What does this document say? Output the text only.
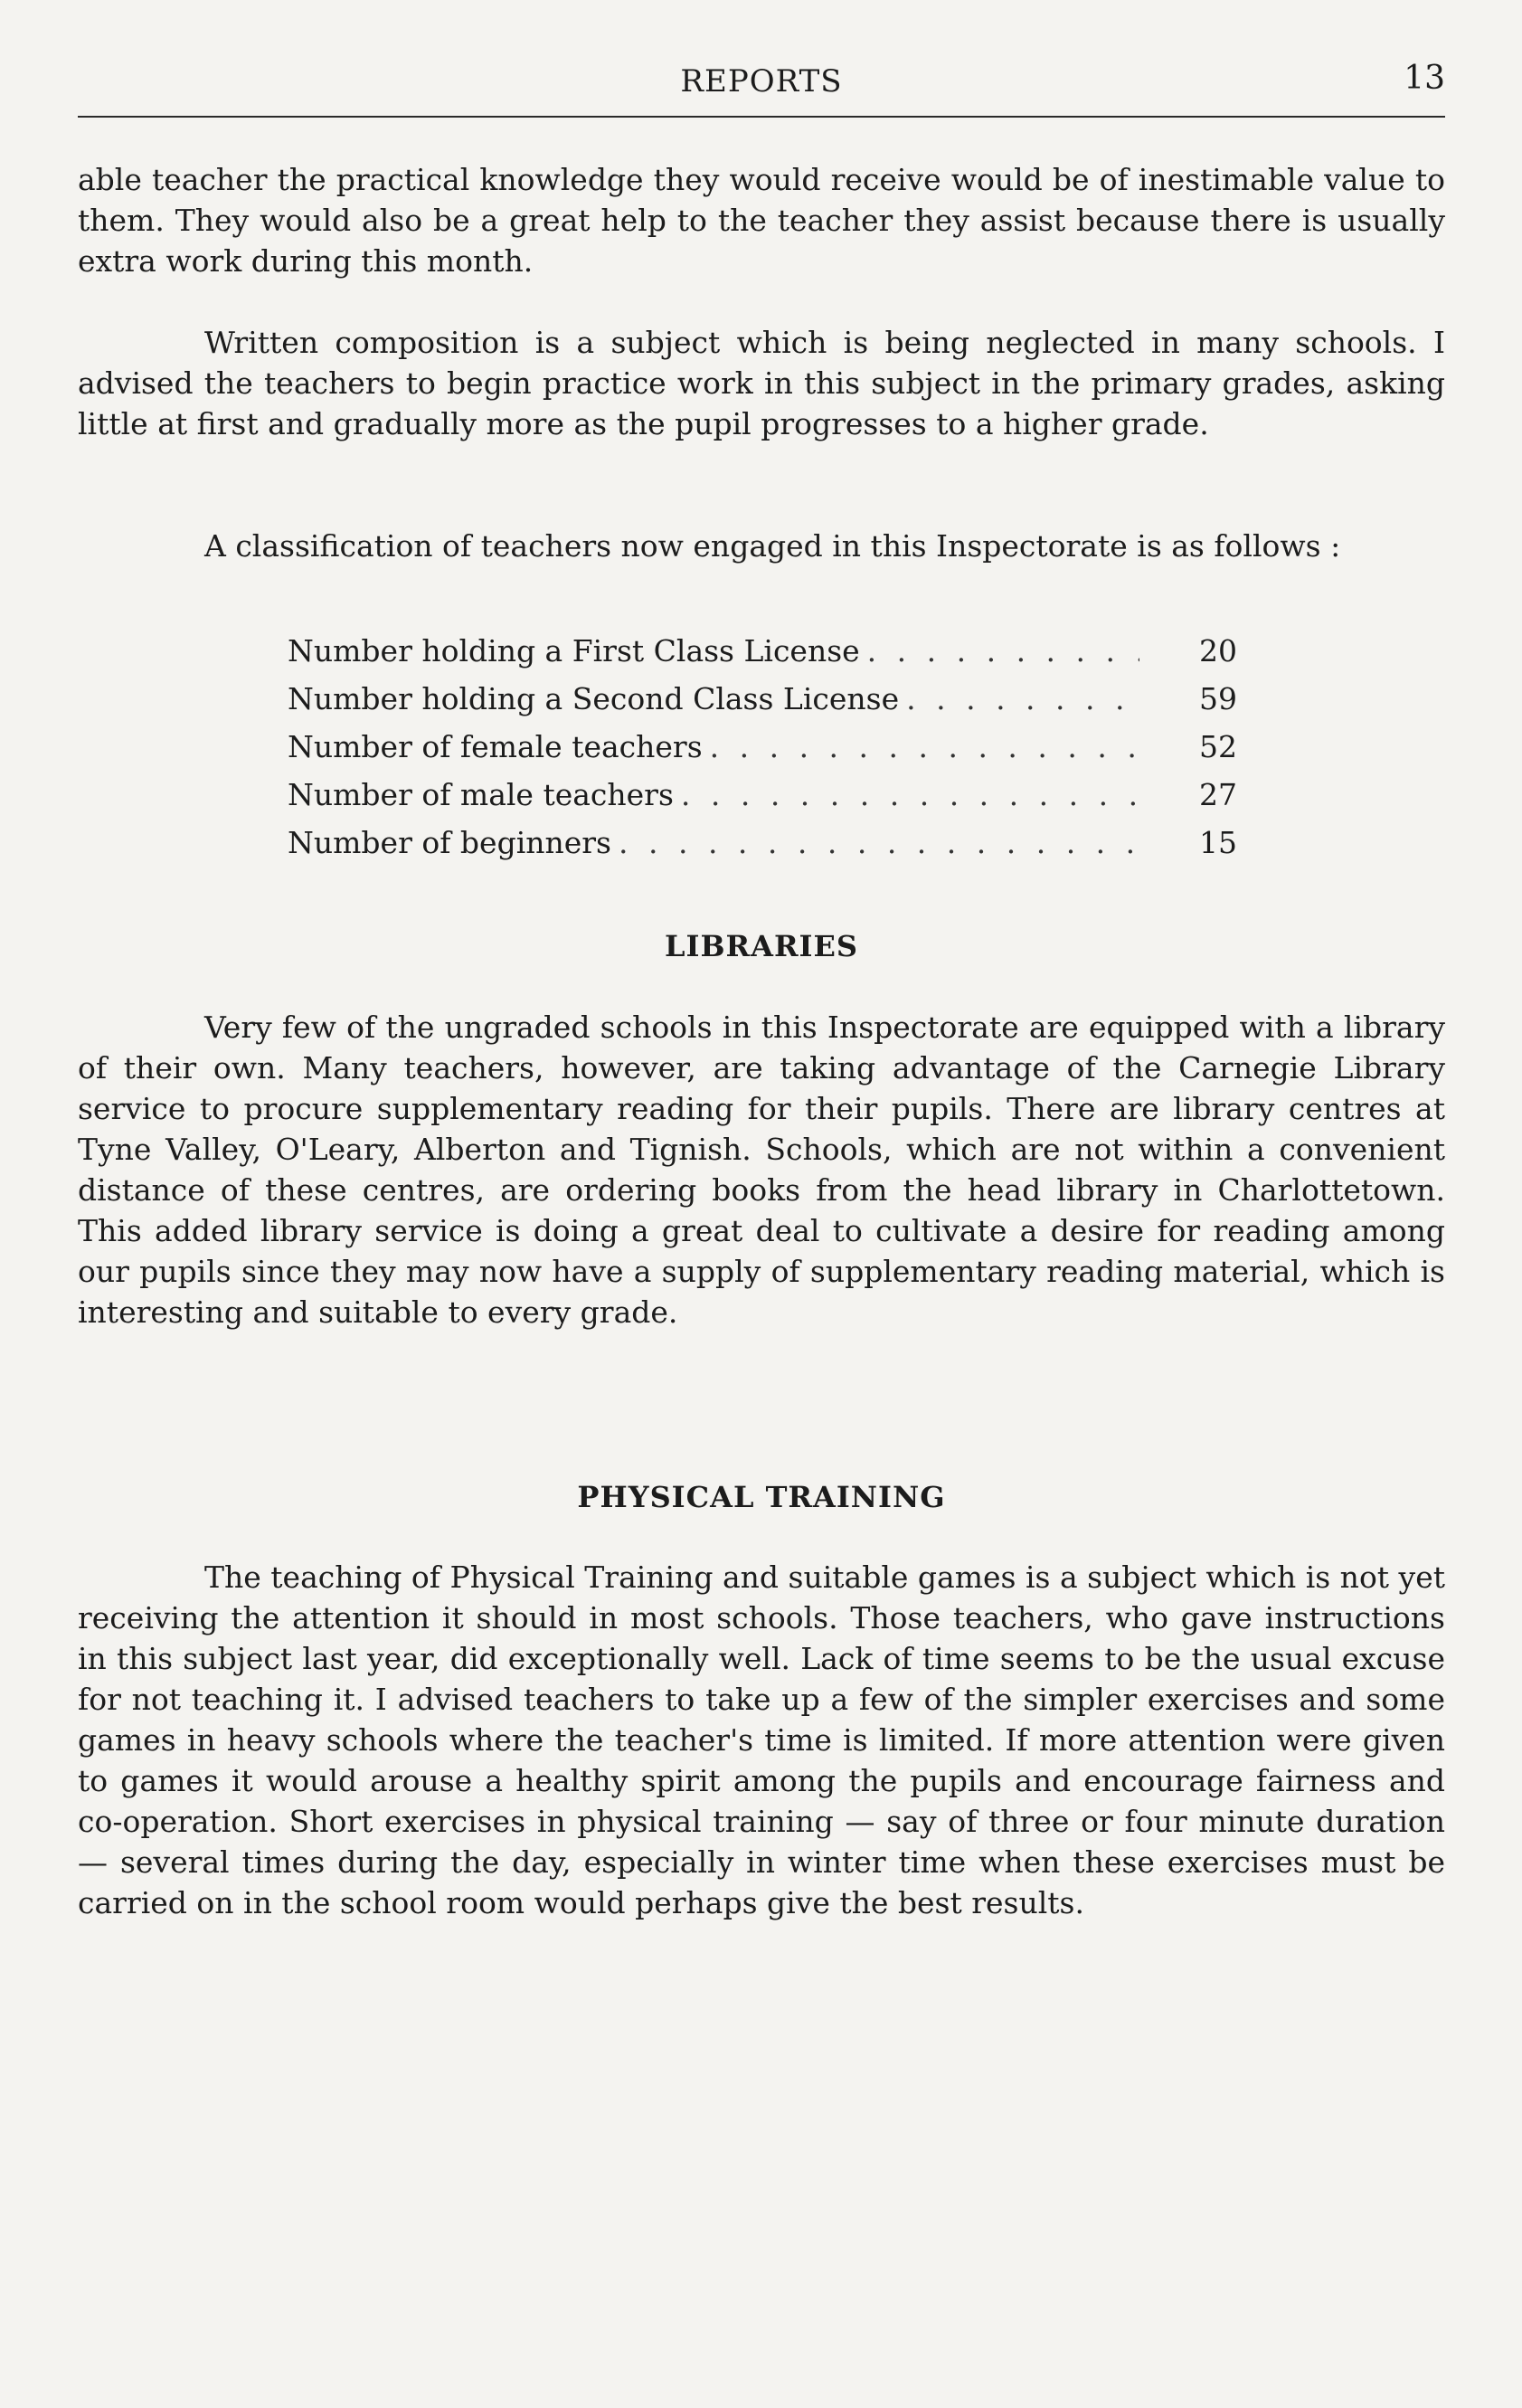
REPORTS	13

able teacher the practical knowledge they would receive would be of inestimable value to them. They would also be a great help to the teacher they assist because there is usually extra work during this month.

Written composition is a subject which is being neglected in many schools. I advised the teachers to begin practice work in this subject in the primary grades, asking little at first and gradually more as the pupil progresses to a higher grade.

A classification of teachers now engaged in this Inspectorate is as follows :

Number holding a First Class License . . .	20
Number holding a Second Class License . . .	59
Number of female teachers . . .	52
Number of male teachers . . .	27
Number of beginners . . .	15
LIBRARIES

Very few of the ungraded schools in this Inspectorate are equipped with a library of their own. Many teachers, however, are taking advantage of the Carnegie Library service to procure supplementary reading for their pupils. There are library centres at Tyne Valley, O'Leary, Alberton and Tignish. Schools, which are not within a convenient distance of these centres, are ordering books from the head library in Charlottetown. This added library service is doing a great deal to cultivate a desire for reading among our pupils since they may now have a supply of supplementary reading material, which is interesting and suitable to every grade.

PHYSICAL TRAINING

The teaching of Physical Training and suitable games is a subject which is not yet receiving the attention it should in most schools. Those teachers, who gave instructions in this subject last year, did exceptionally well. Lack of time seems to be the usual excuse for not teaching it. I advised teachers to take up a few of the simpler exercises and some games in heavy schools where the teacher's time is limited. If more attention were given to games it would arouse a healthy spirit among the pupils and encourage fairness and co-operation. Short exercises in physical training — say of three or four minute duration — several times during the day, especially in winter time when these exercises must be carried on in the school room would perhaps give the best results.
